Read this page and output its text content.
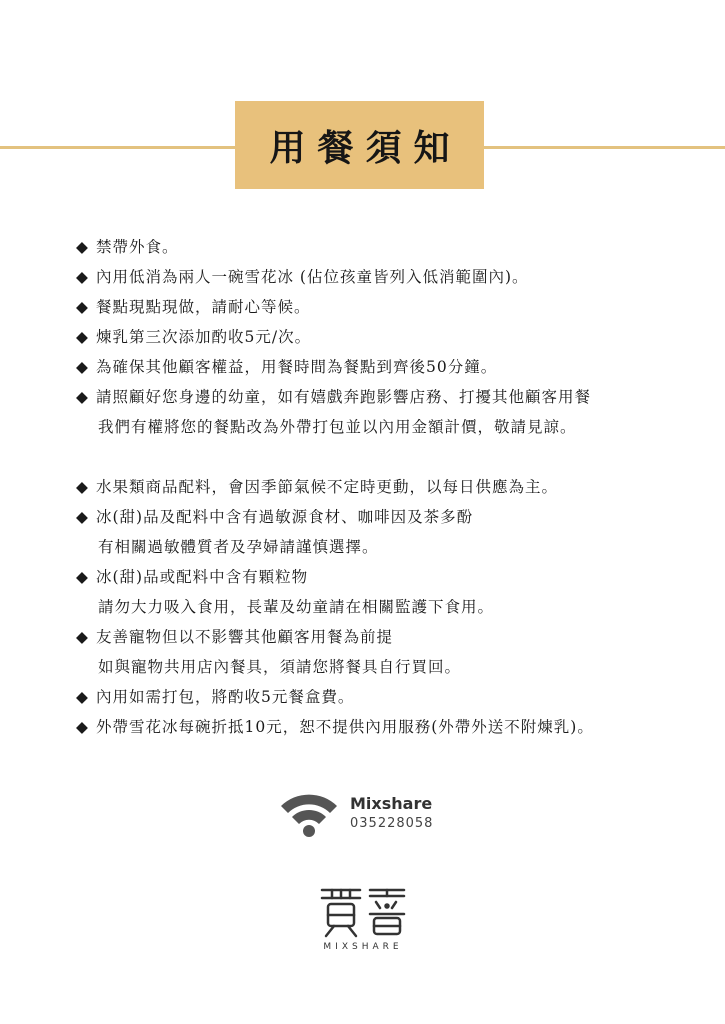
用餐須知
◆ 禁帶外食。
◆ 內用低消為兩人一碗雪花冰 (佔位孩童皆列入低消範圍內)。
◆ 餐點現點現做，請耐心等候。
◆ 煉乳第三次添加酌收5元/次。
◆ 為確保其他顧客權益，用餐時間為餐點到齊後50分鐘。
◆ 請照顧好您身邊的幼童，如有嬉戲奔跑影響店務、打擾其他顧客用餐
我們有權將您的餐點改為外帶打包並以內用金額計價，敬請見諒。
◆ 水果類商品配料，會因季節氣候不定時更動，以每日供應為主。
◆ 冰(甜)品及配料中含有過敏源食材、咖啡因及茶多酚
有相關過敏體質者及孕婦請謹慎選擇。
◆ 冰(甜)品或配料中含有顆粒物
請勿大力吸入食用，長輩及幼童請在相關監護下食用。
◆ 友善寵物但以不影響其他顧客用餐為前提
如與寵物共用店內餐具，須請您將餐具自行買回。
◆ 內用如需打包，將酌收5元餐盒費。
◆ 外帶雪花冰每碗折抵10元，恕不提供內用服務(外帶外送不附煉乳)。
Mixshare
035228058
MIXSHARE
